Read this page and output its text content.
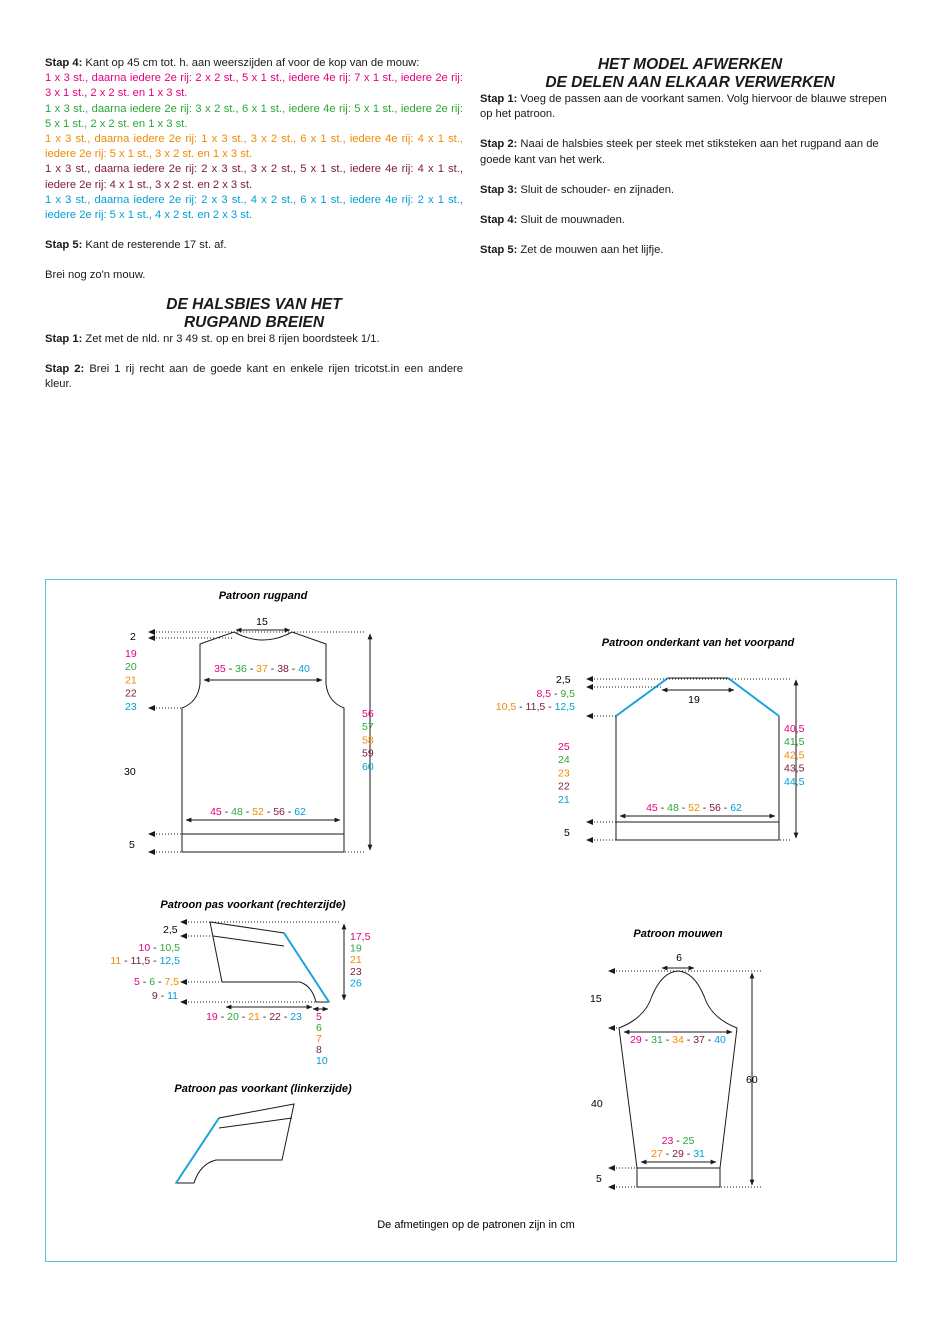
Stap 4: Kant op 45 cm tot. h. aan weerszijden af voor de kop van de mouw:

1 x 3 st., daarna iedere 2e rij: 2 x 2 st., 5 x 1 st., iedere 4e rij: 7 x 1 st., iedere 2e rij: 3 x 1 st., 2 x 2 st. en 1 x 3 st.

1 x 3 st., daarna iedere 2e rij: 3 x 2 st., 6 x 1 st., iedere 4e rij: 5 x 1 st., iedere 2e rij: 5 x 1 st., 2 x 2 st. en 1 x 3 st.

1 x 3 st., daarna iedere 2e rij: 1 x 3 st., 3 x 2 st., 6 x 1 st., iedere 4e rij: 4 x 1 st., iedere 2e rij: 5 x 1 st., 3 x 2 st. en 1 x 3 st.

1 x 3 st., daarna iedere 2e rij: 2 x 3 st., 3 x 2 st., 5 x 1 st., iedere 4e rij: 4 x 1 st., iedere 2e rij: 4 x 1 st., 3 x 2 st. en 2 x 3 st.

1 x 3 st., daarna iedere 2e rij: 2 x 3 st., 4 x 2 st., 6 x 1 st., iedere 4e rij: 2 x 1 st., iedere 2e rij: 5 x 1 st., 4 x 2 st. en 2 x 3 st.

Stap 5: Kant de resterende 17 st. af.

Brei nog zo'n mouw.

DE HALSBIES VAN HET

RUGPAND BREIEN

Stap 1: Zet met de nld. nr 3 49 st. op en brei 8 rijen boordsteek 1/1.

Stap 2: Brei 1 rij recht aan de goede kant en enkele rijen tricotst.in een andere kleur.

HET MODEL AFWERKEN

DE DELEN AAN ELKAAR VERWERKEN

Stap 1: Voeg de passen aan de voorkant samen. Volg hiervoor de blauwe strepen op het patroon.

Stap 2: Naai de halsbies steek per steek met stiksteken aan het rugpand aan de goede kant van het werk.

Stap 3: Sluit de schouder- en zijnaden.

Stap 4: Sluit de mouwnaden.

Stap 5: Zet de mouwen aan het lijfje.

Patroon rugpand
15
2
30
5
19
20
21
22
23
56
57
58
59
60
35 - 36 - 37 - 38 - 40
45 - 48 - 52 - 56 - 62
Patroon onderkant van het voorpand
2,5
19
5
8,5 - 9,5
10,5 - 11,5 - 12,5
25
24
23
22
21
40,5
41,5
42,5
43,5
44,5
45 - 48 - 52 - 56 - 62
Patroon pas voorkant (rechterzijde)
2,5
10 - 10,5
11 - 11,5 - 12,5
5 - 6 - 7,5
9 - 11
17,5
19
21
23
26
19 - 20 - 21 - 22 - 23 5
6
7
8
10
Patroon pas voorkant (linkerzijde)
Patroon mouwen
6
15
40
60
5
29 - 31 - 34 - 37 - 40
23 - 25
27 - 29 - 31
De afmetingen op de patronen zijn in cm
